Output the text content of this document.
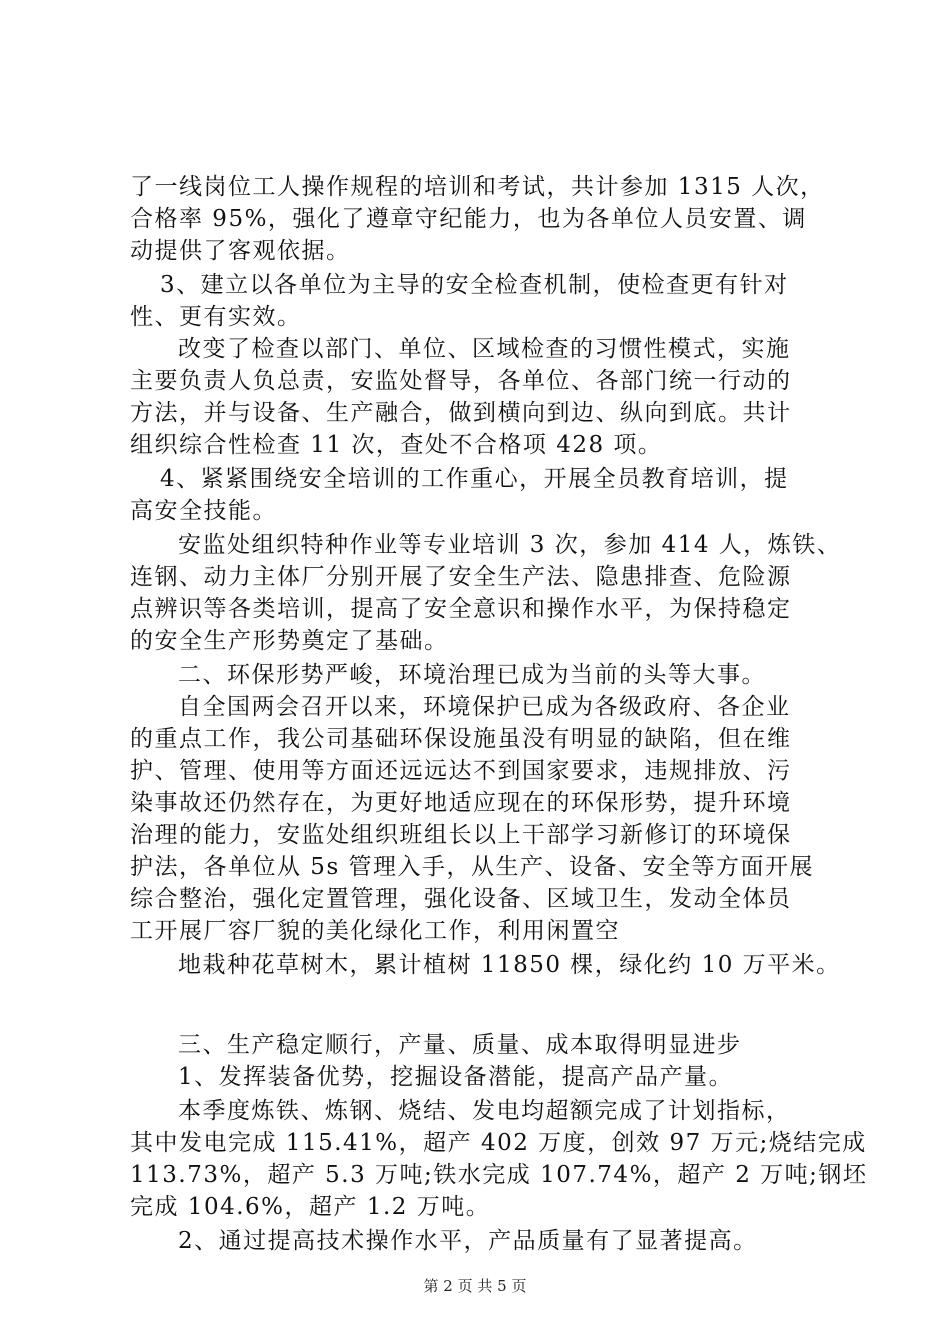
了一线岗位工人操作规程的培训和考试，共计参加 1315 人次，
合格率 95%，强化了遵章守纪能力，也为各单位人员安置、调
动提供了客观依据。
3、建立以各单位为主导的安全检查机制，使检查更有针对
性、更有实效。
改变了检查以部门、单位、区域检查的习惯性模式，实施
主要负责人负总责，安监处督导，各单位、各部门统一行动的
方法，并与设备、生产融合，做到横向到边、纵向到底。共计
组织综合性检查 11 次，查处不合格项 428 项。
4、紧紧围绕安全培训的工作重心，开展全员教育培训，提
高安全技能。
安监处组织特种作业等专业培训 3 次，参加 414 人，炼铁、
连钢、动力主体厂分别开展了安全生产法、隐患排查、危险源
点辨识等各类培训，提高了安全意识和操作水平，为保持稳定
的安全生产形势奠定了基础。
二、环保形势严峻，环境治理已成为当前的头等大事。
自全国两会召开以来，环境保护已成为各级政府、各企业
的重点工作，我公司基础环保设施虽没有明显的缺陷，但在维
护、管理、使用等方面还远远达不到国家要求，违规排放、污
染事故还仍然存在，为更好地适应现在的环保形势，提升环境
治理的能力，安监处组织班组长以上干部学习新修订的环境保
护法，各单位从 5s 管理入手，从生产、设备、安全等方面开展
综合整治，强化定置管理，强化设备、区域卫生，发动全体员
工开展厂容厂貌的美化绿化工作，利用闲置空
地栽种花草树木，累计植树 11850 棵，绿化约 10 万平米。
三、生产稳定顺行，产量、质量、成本取得明显进步
1、发挥装备优势，挖掘设备潜能，提高产品产量。
本季度炼铁、炼钢、烧结、发电均超额完成了计划指标，
其中发电完成 115.41%，超产 402 万度，创效 97 万元;烧结完成
113.73%，超产 5.3 万吨;铁水完成 107.74%，超产 2 万吨;钢坯
完成 104.6%，超产 1.2 万吨。
2、通过提高技术操作水平，产品质量有了显著提高。
第 2 页 共 5 页
